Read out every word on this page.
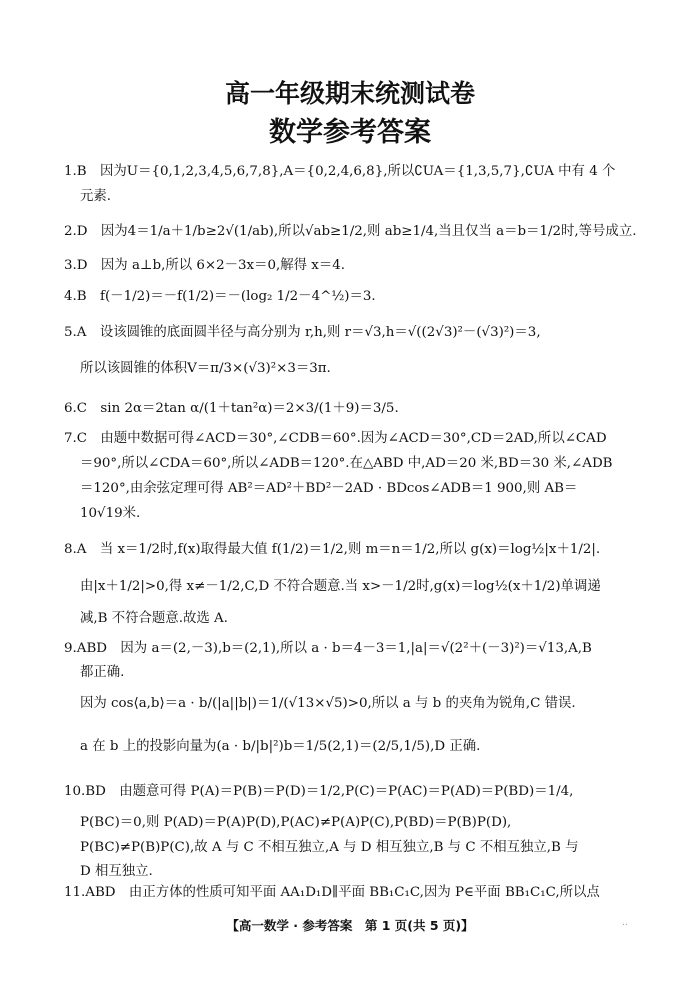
高一年级期末统测试卷
数学参考答案
1.B　因为U＝{0,1,2,3,4,5,6,7,8},A＝{0,2,4,6,8},所以∁UA＝{1,3,5,7},∁UA 中有 4 个
元素.
2.D　因为4＝1/a＋1/b≥2√(1/ab),所以√ab≥1/2,则 ab≥1/4,当且仅当 a＝b＝1/2时,等号成立.
3.D　因为 a⊥b,所以 6×2－3x＝0,解得 x＝4.
4.B　f(－1/2)＝－f(1/2)＝－(log₂ 1/2－4^½)＝3.
5.A　设该圆锥的底面圆半径与高分别为 r,h,则 r＝√3,h＝√((2√3)²－(√3)²)＝3,
所以该圆锥的体积V＝π/3×(√3)²×3＝3π.
6.C　sin 2α＝2tan α/(1＋tan²α)＝2×3/(1＋9)＝3/5.
7.C　由题中数据可得∠ACD＝30°,∠CDB＝60°.因为∠ACD＝30°,CD＝2AD,所以∠CAD
＝90°,所以∠CDA＝60°,所以∠ADB＝120°.在△ABD 中,AD＝20 米,BD＝30 米,∠ADB
＝120°,由余弦定理可得 AB²＝AD²＋BD²－2AD · BDcos∠ADB＝1 900,则 AB＝
10√19米.
8.A　当 x＝1/2时,f(x)取得最大值 f(1/2)＝1/2,则 m＝n＝1/2,所以 g(x)＝log½|x＋1/2|.
由|x＋1/2|>0,得 x≠－1/2,C,D 不符合题意.当 x>－1/2时,g(x)＝log½(x＋1/2)单调递
减,B 不符合题意.故选 A.
9.ABD　因为 a＝(2,－3),b＝(2,1),所以 a · b＝4－3＝1,|a|＝√(2²＋(－3)²)＝√13,A,B
都正确.
因为 cos⟨a,b⟩＝a · b/(|a||b|)＝1/(√13×√5)>0,所以 a 与 b 的夹角为锐角,C 错误.
a 在 b 上的投影向量为(a · b/|b|²)b＝1/5(2,1)＝(2/5,1/5),D 正确.
10.BD　由题意可得 P(A)＝P(B)＝P(D)＝1/2,P(C)＝P(AC)＝P(AD)＝P(BD)＝1/4,
P(BC)＝0,则 P(AD)＝P(A)P(D),P(AC)≠P(A)P(C),P(BD)＝P(B)P(D),
P(BC)≠P(B)P(C),故 A 与 C 不相互独立,A 与 D 相互独立,B 与 C 不相互独立,B 与
D 相互独立.
11.ABD　由正方体的性质可知平面 AA₁D₁D∥平面 BB₁C₁C,因为 P∈平面 BB₁C₁C,所以点
【高一数学 · 参考答案　第 1 页(共 5 页)】	..
